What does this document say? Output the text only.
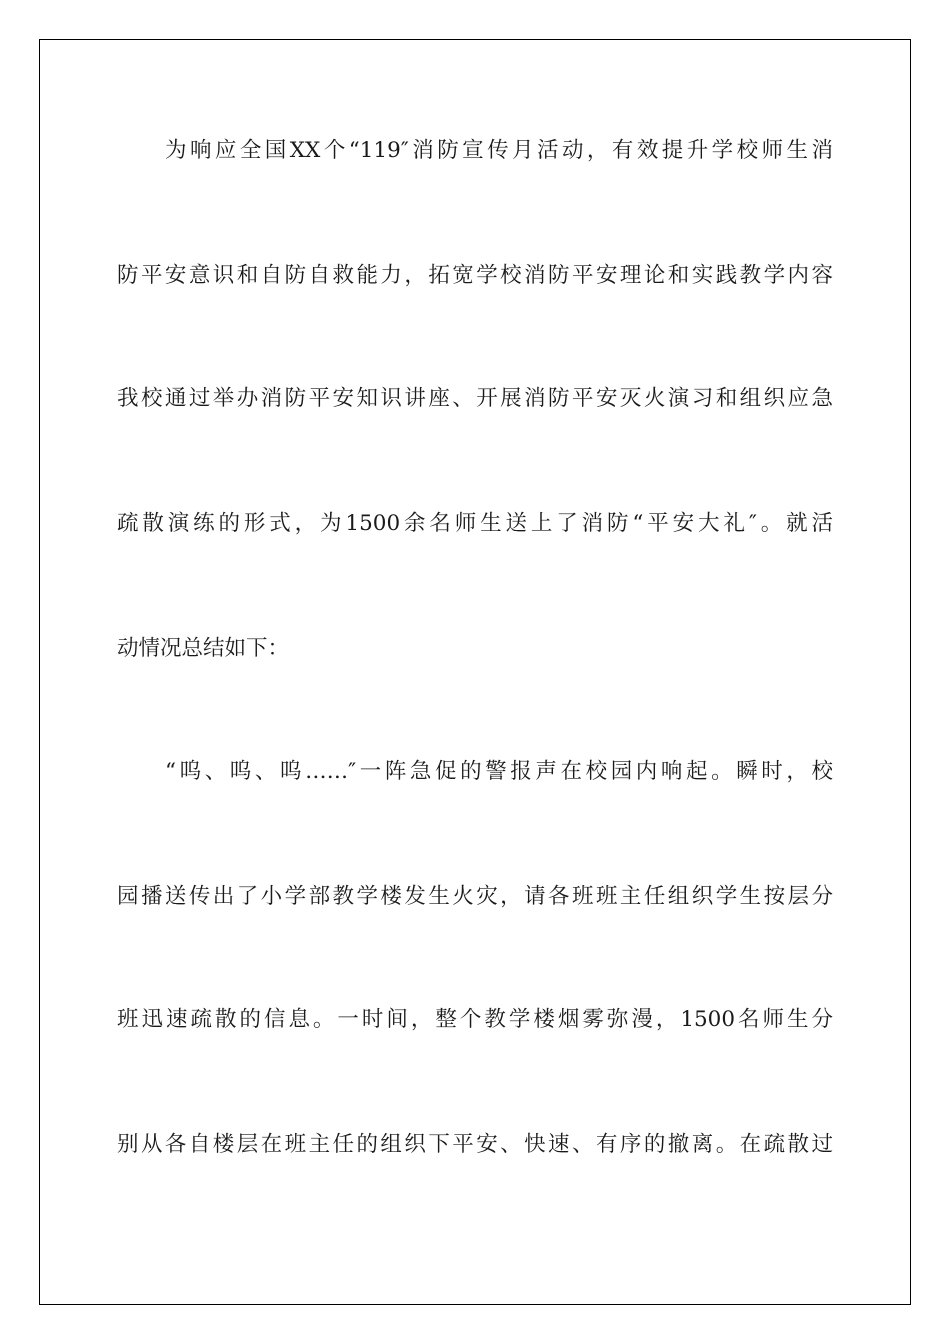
为响应全国XX个“119″消防宣传月活动，有效提升学校师生消
防平安意识和自防自救能力，拓宽学校消防平安理论和实践教学内容
我校通过举办消防平安知识讲座、开展消防平安灭火演习和组织应急
疏散演练的形式，为1500余名师生送上了消防“平安大礼″。就活
动情况总结如下：
“呜、呜、呜……″一阵急促的警报声在校园内响起。瞬时，校
园播送传出了小学部教学楼发生火灾，请各班班主任组织学生按层分
班迅速疏散的信息。一时间，整个教学楼烟雾弥漫，1500名师生分
别从各自楼层在班主任的组织下平安、快速、有序的撤离。在疏散过
